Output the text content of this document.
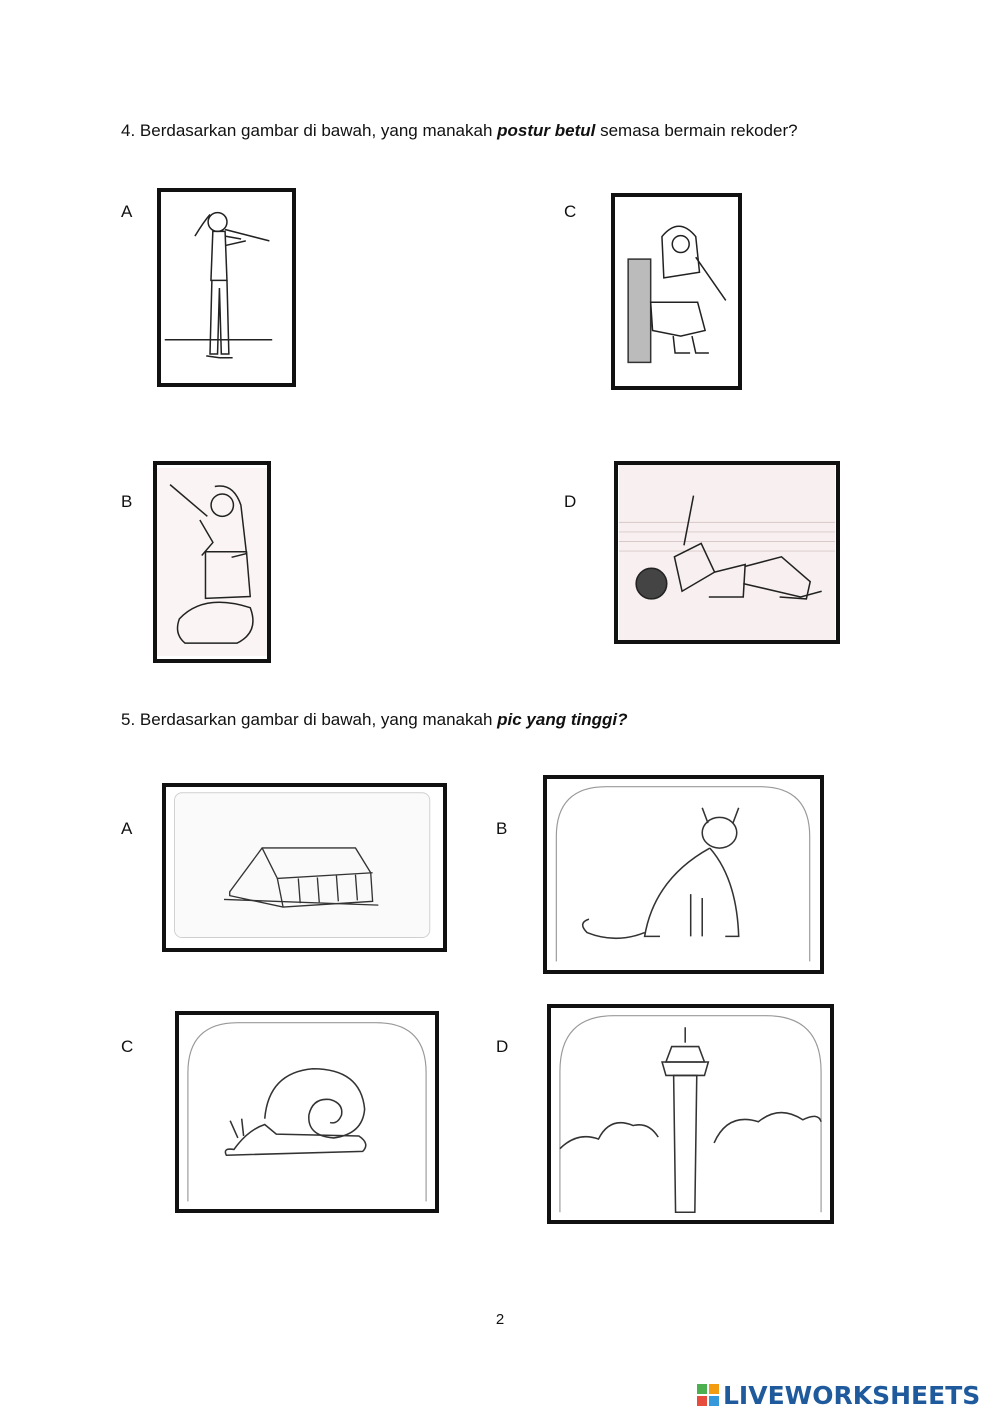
4. Berdasarkan gambar di bawah, yang manakah postur betul semasa bermain rekoder?
A	C
B	D
5. Berdasarkan gambar di bawah, yang manakah pic yang tinggi?
A	B
C	D
2
LIVEWORKSHEETS
